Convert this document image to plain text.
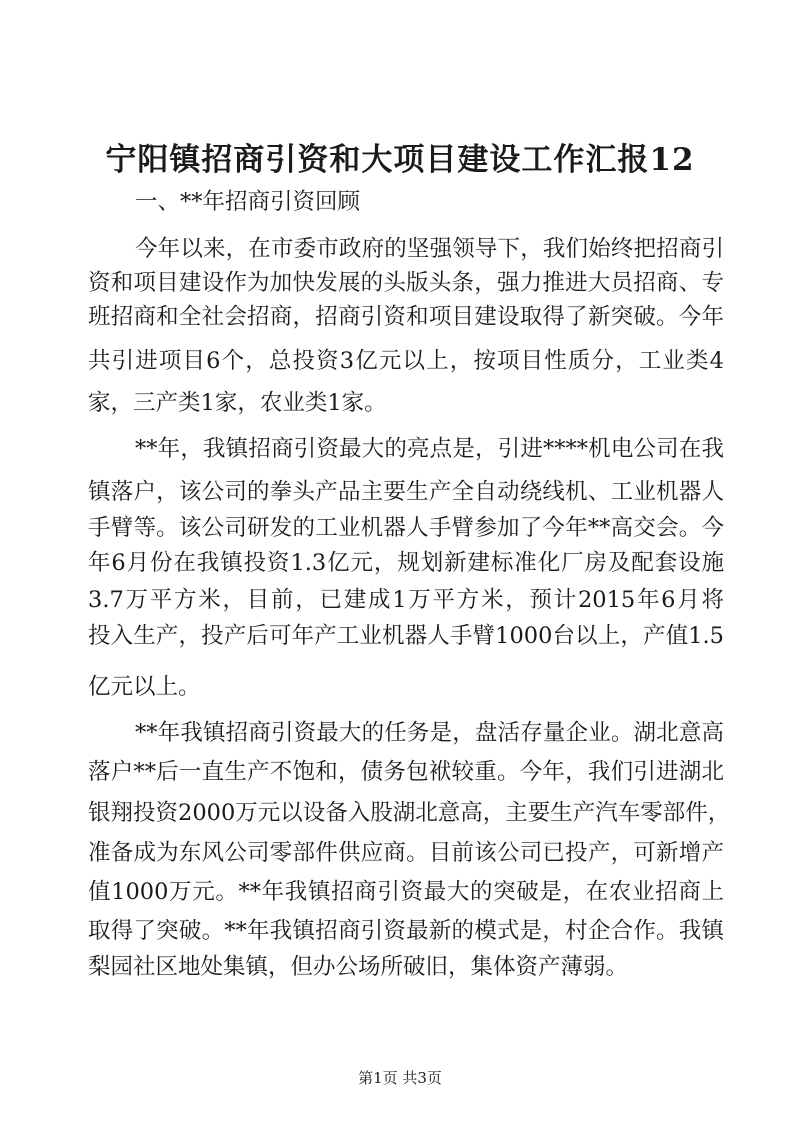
宁阳镇招商引资和大项目建设工作汇报12
一、**年招商引资回顾
今年以来，在市委市政府的坚强领导下，我们始终把招商引
资和项目建设作为加快发展的头版头条，强力推进大员招商、专
班招商和全社会招商，招商引资和项目建设取得了新突破。今年
共引进项目6个，总投资3亿元以上，按项目性质分，工业类4
家，三产类1家，农业类1家。
**年，我镇招商引资最大的亮点是，引进****机电公司在我
镇落户，该公司的拳头产品主要生产全自动绕线机、工业机器人
手臂等。该公司研发的工业机器人手臂参加了今年**高交会。今
年6月份在我镇投资1.3亿元，规划新建标准化厂房及配套设施
3.7万平方米，目前，已建成1万平方米，预计2015年6月将
投入生产，投产后可年产工业机器人手臂1000台以上，产值1.5
亿元以上。
**年我镇招商引资最大的任务是，盘活存量企业。湖北意高
落户**后一直生产不饱和，债务包袱较重。今年，我们引进湖北
银翔投资2000万元以设备入股湖北意高，主要生产汽车零部件，
准备成为东风公司零部件供应商。目前该公司已投产，可新增产
值1000万元。**年我镇招商引资最大的突破是，在农业招商上
取得了突破。**年我镇招商引资最新的模式是，村企合作。我镇
梨园社区地处集镇，但办公场所破旧，集体资产薄弱。
第1页 共3页
